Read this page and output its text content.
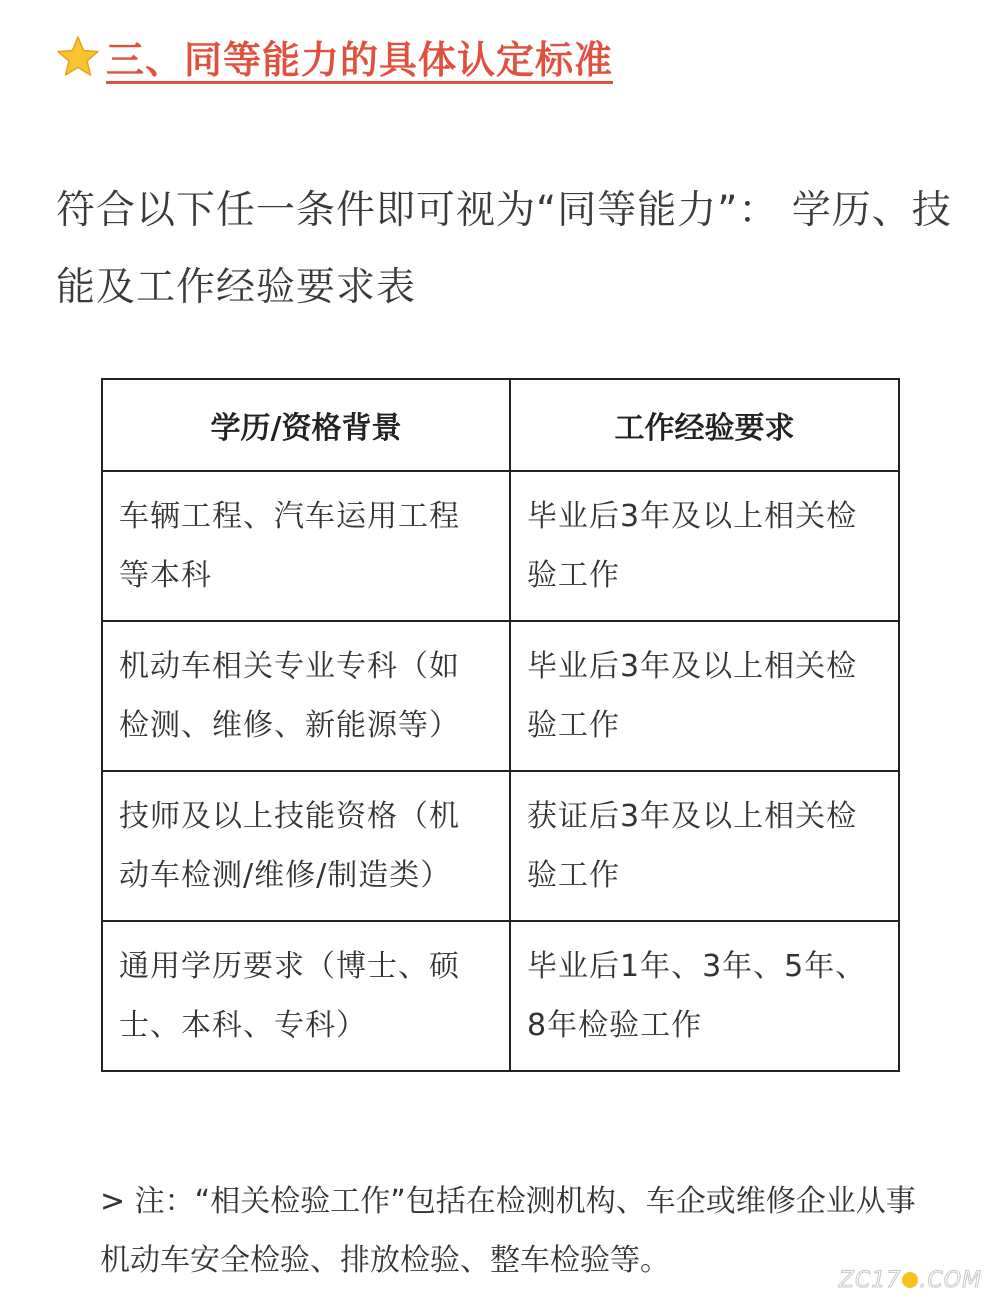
三、同等能力的具体认定标准

符合以下任一条件即可视为“同等能力”： 学历、技能及工作经验要求表

学历/资格背景	工作经验要求
车辆工程、汽车运用工程等本科	毕业后3年及以上相关检验工作
机动车相关专业专科（如检测、维修、新能源等）	毕业后3年及以上相关检验工作
技师及以上技能资格（机动车检测/维修/制造类）	获证后3年及以上相关检验工作
通用学历要求（博士、硕士、本科、专科）	毕业后1年、3年、5年、8年检验工作

> 注：“相关检验工作”包括在检测机构、车企或维修企业从事机动车安全检验、排放检验、整车检验等。

ZC17 .COM
